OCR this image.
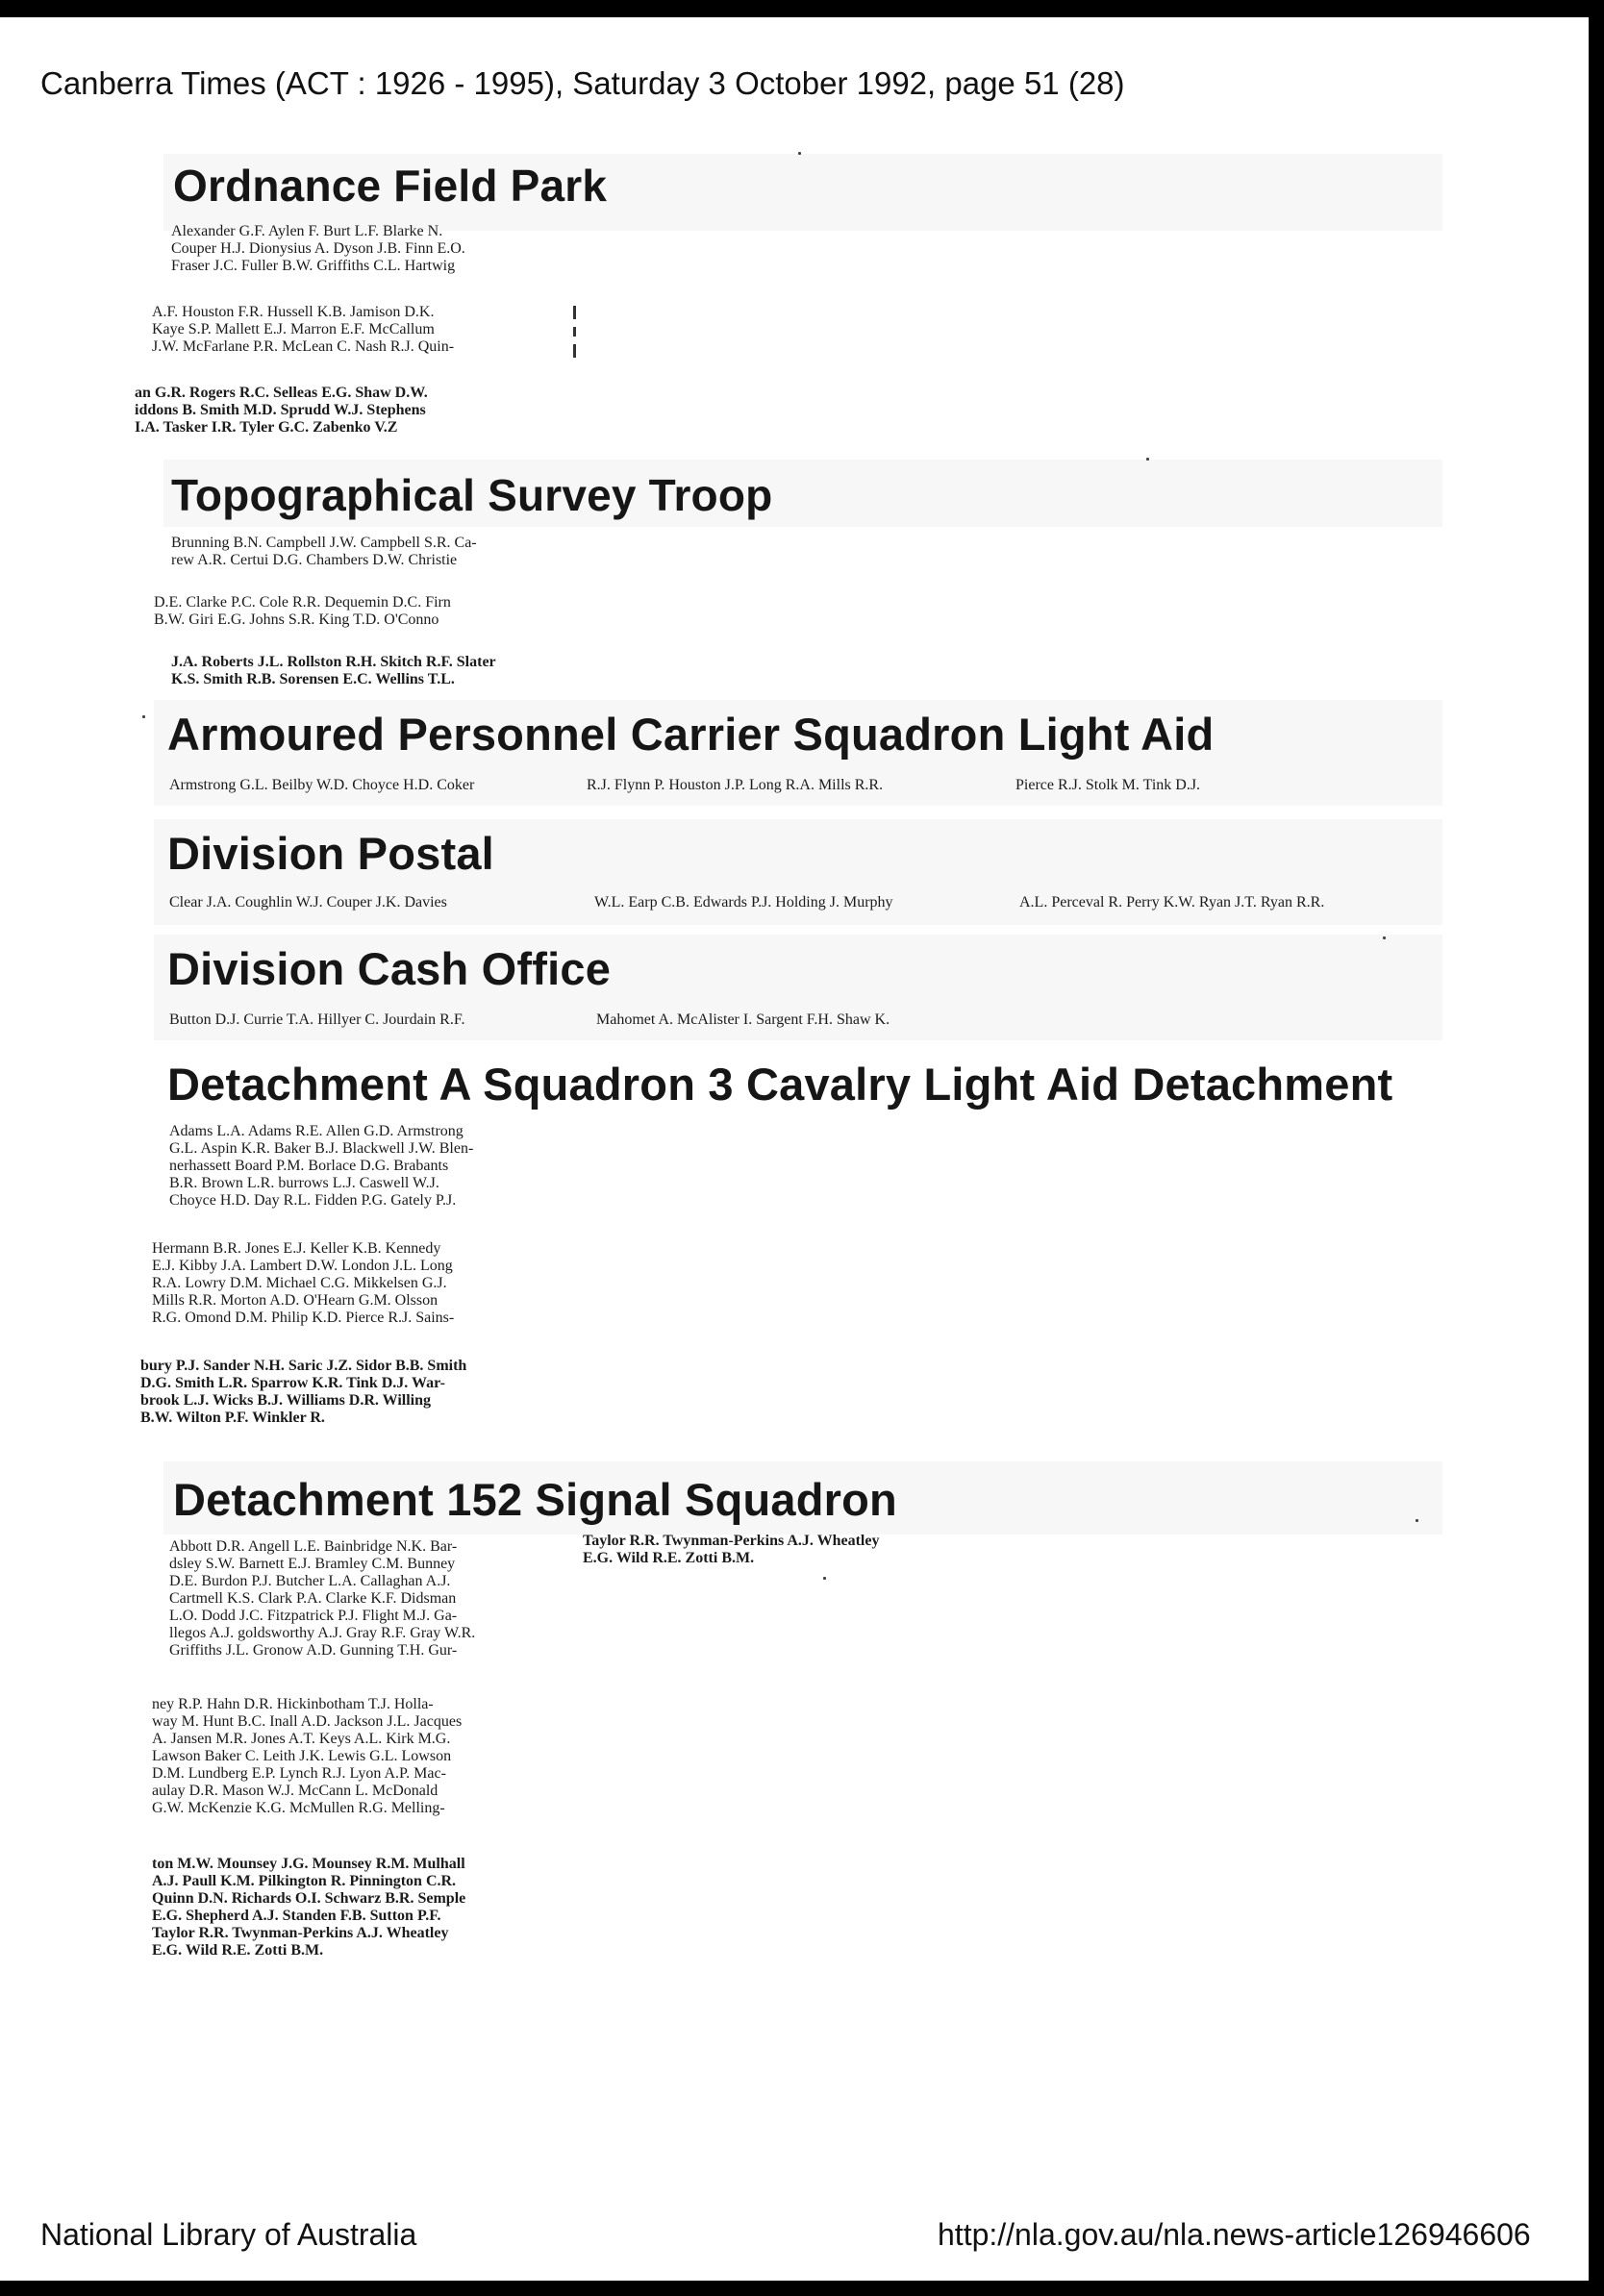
Canberra Times (ACT : 1926 - 1995), Saturday 3 October 1992, page 51 (28)
Ordnance Field Park
Alexander G.F. Aylen F. Burt L.F. Blarke N.
Couper H.J. Dionysius A. Dyson J.B. Finn E.O.
Fraser J.C. Fuller B.W. Griffiths C.L. Hartwig
A.F. Houston F.R. Hussell K.B. Jamison D.K.
Kaye S.P. Mallett E.J. Marron E.F. McCallum
J.W. McFarlane P.R. McLean C. Nash R.J. Quin-
an G.R. Rogers R.C. Selleas E.G. Shaw D.W.
iddons B. Smith M.D. Sprudd W.J. Stephens
I.A. Tasker I.R. Tyler G.C. Zabenko V.Z
Topographical Survey Troop
Brunning B.N. Campbell J.W. Campbell S.R. Ca-
rew A.R. Certui D.G. Chambers D.W. Christie
D.E. Clarke P.C. Cole R.R. Dequemin D.C. Firn
B.W. Giri E.G. Johns S.R. King T.D. O'Conno
J.A. Roberts J.L. Rollston R.H. Skitch R.F. Slater
K.S. Smith R.B. Sorensen E.C. Wellins T.L.
Armoured Personnel Carrier Squadron Light Aid
Armstrong G.L. Beilby W.D. Choyce H.D. Coker	R.J. Flynn P. Houston J.P. Long R.A. Mills R.R.	Pierce R.J. Stolk M. Tink D.J.
Division Postal
Clear J.A. Coughlin W.J. Couper J.K. Davies	W.L. Earp C.B. Edwards P.J. Holding J. Murphy	A.L. Perceval R. Perry K.W. Ryan J.T. Ryan R.R.
Division Cash Office
Button D.J. Currie T.A. Hillyer C. Jourdain R.F.	Mahomet A. McAlister I. Sargent F.H. Shaw K.
Detachment A Squadron 3 Cavalry Light Aid Detachment
Adams L.A. Adams R.E. Allen G.D. Armstrong
G.L. Aspin K.R. Baker B.J. Blackwell J.W. Blen-
nerhassett Board P.M. Borlace D.G. Brabants
B.R. Brown L.R. burrows L.J. Caswell W.J.
Choyce H.D. Day R.L. Fidden P.G. Gately P.J.
Hermann B.R. Jones E.J. Keller K.B. Kennedy
E.J. Kibby J.A. Lambert D.W. London J.L. Long
R.A. Lowry D.M. Michael C.G. Mikkelsen G.J.
Mills R.R. Morton A.D. O'Hearn G.M. Olsson
R.G. Omond D.M. Philip K.D. Pierce R.J. Sains-
bury P.J. Sander N.H. Saric J.Z. Sidor B.B. Smith
D.G. Smith L.R. Sparrow K.R. Tink D.J. War-
brook L.J. Wicks B.J. Williams D.R. Willing
B.W. Wilton P.F. Winkler R.
Detachment 152 Signal Squadron
Abbott D.R. Angell L.E. Bainbridge N.K. Bar-
dsley S.W. Barnett E.J. Bramley C.M. Bunney
D.E. Burdon P.J. Butcher L.A. Callaghan A.J.
Cartmell K.S. Clark P.A. Clarke K.F. Didsman
L.O. Dodd J.C. Fitzpatrick P.J. Flight M.J. Ga-
llegos A.J. goldsworthy A.J. Gray R.F. Gray W.R.
Griffiths J.L. Gronow A.D. Gunning T.H. Gur-
ney R.P. Hahn D.R. Hickinbotham T.J. Holla-
way M. Hunt B.C. Inall A.D. Jackson J.L. Jacques
A. Jansen M.R. Jones A.T. Keys A.L. Kirk M.G.
Lawson Baker C. Leith J.K. Lewis G.L. Lowson
D.M. Lundberg E.P. Lynch R.J. Lyon A.P. Mac-
aulay D.R. Mason W.J. McCann L. McDonald
G.W. McKenzie K.G. McMullen R.G. Melling-
ton M.W. Mounsey J.G. Mounsey R.M. Mulhall
A.J. Paull K.M. Pilkington R. Pinnington C.R.
Quinn D.N. Richards O.I. Schwarz B.R. Semple
E.G. Shepherd A.J. Standen F.B. Sutton P.F.
Taylor R.R. Twynman-Perkins A.J. Wheatley
E.G. Wild R.E. Zotti B.M.
Taylor R.R. Twynman-Perkins A.J. Wheatley
E.G. Wild R.E. Zotti B.M.
National Library of Australia	http://nla.gov.au/nla.news-article126946606
